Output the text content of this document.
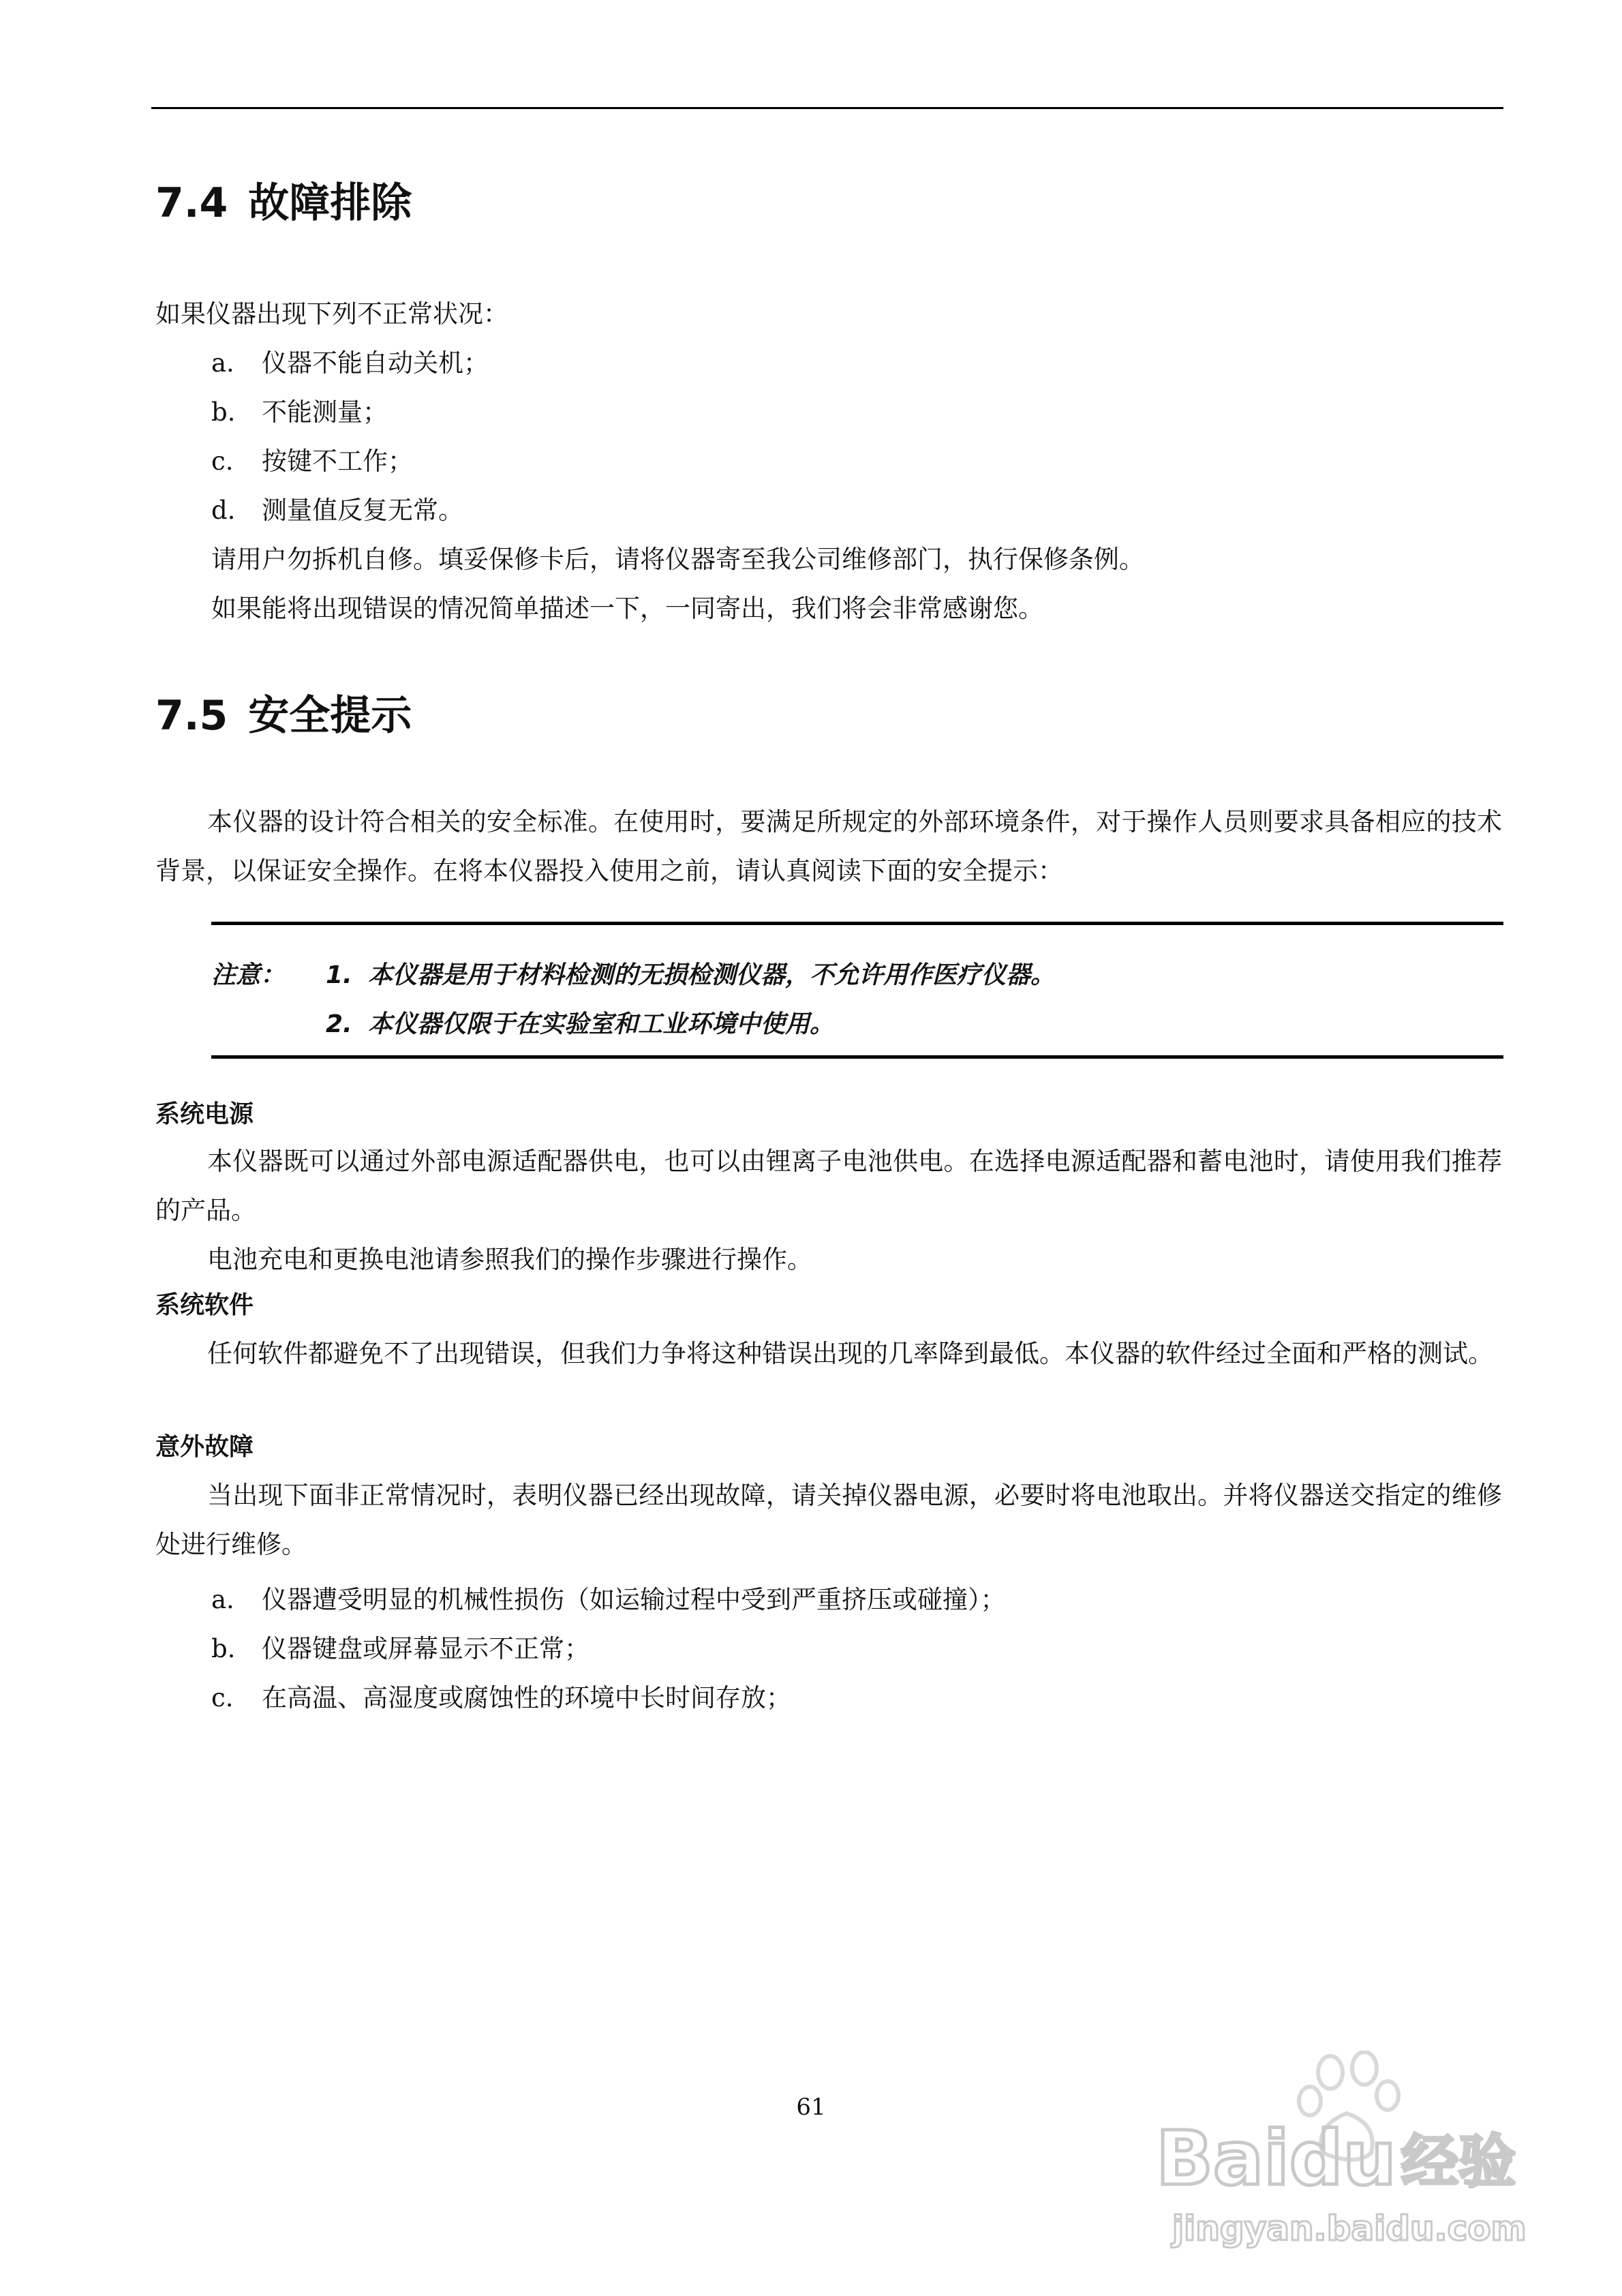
7.4 故障排除

如果仪器出现下列不正常状况：

a. 仪器不能自动关机；
b. 不能测量；
c. 按键不工作；
d. 测量值反复无常。

请用户勿拆机自修。填妥保修卡后，请将仪器寄至我公司维修部门，执行保修条例。

如果能将出现错误的情况简单描述一下，一同寄出，我们将会非常感谢您。

7.5 安全提示

本仪器的设计符合相关的安全标准。在使用时，要满足所规定的外部环境条件，对于操作人员则要求具备相应的技术背景，以保证安全操作。在将本仪器投入使用之前，请认真阅读下面的安全提示：

注意： 1. 本仪器是用于材料检测的无损检测仪器，不允许用作医疗仪器。
2. 本仪器仅限于在实验室和工业环境中使用。
系统电源

本仪器既可以通过外部电源适配器供电，也可以由锂离子电池供电。在选择电源适配器和蓄电池时，请使用我们推荐的产品。

电池充电和更换电池请参照我们的操作步骤进行操作。

系统软件

任何软件都避免不了出现错误，但我们力争将这种错误出现的几率降到最低。本仪器的软件经过全面和严格的测试。

意外故障

当出现下面非正常情况时，表明仪器已经出现故障，请关掉仪器电源，必要时将电池取出。并将仪器送交指定的维修处进行维修。

a. 仪器遭受明显的机械性损伤（如运输过程中受到严重挤压或碰撞）；
b. 仪器键盘或屏幕显示不正常；
c. 在高温、高湿度或腐蚀性的环境中长时间存放；

61

Baidu 经验
jingyan.baidu.com
